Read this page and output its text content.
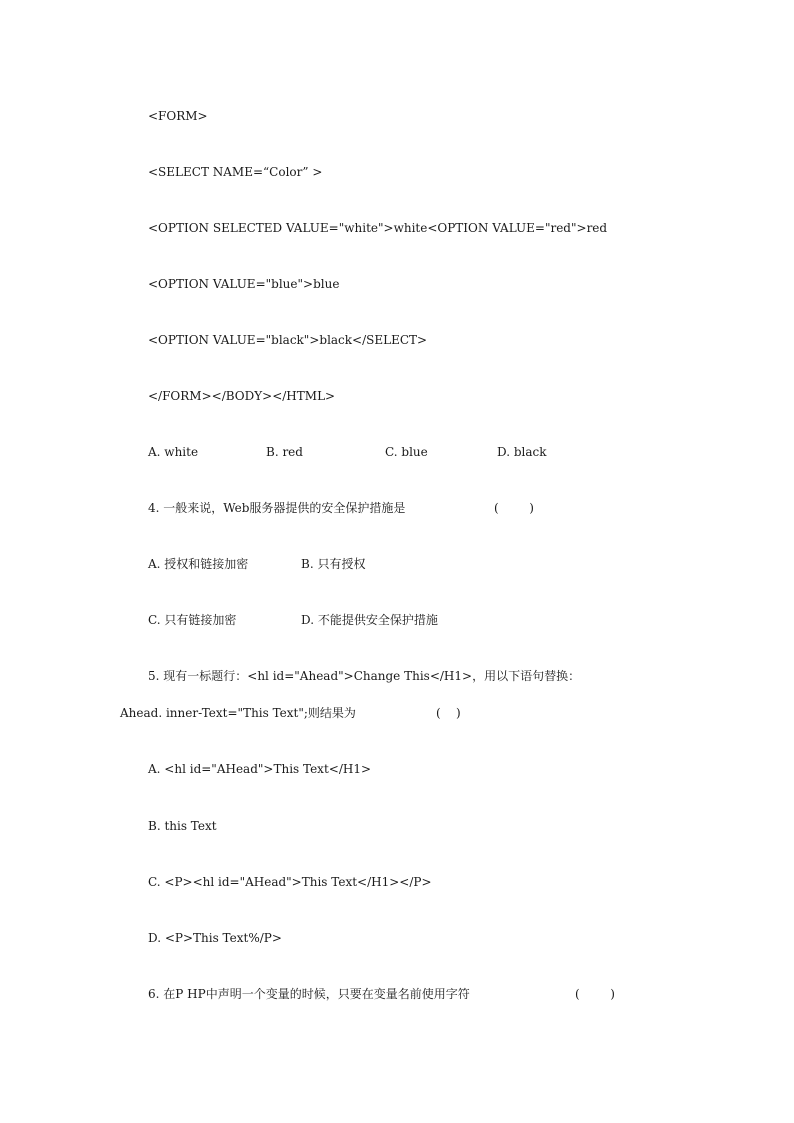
<FORM>
<SELECT NAME=“Color” >
<OPTION SELECTED VALUE="white">white<OPTION VALUE="red">red
<OPTION VALUE="blue">blue
<OPTION VALUE="black">black</SELECT>
</FORM></BODY></HTML>

A. white

	B. red

	C. blue

	D. black

4. 一般来说，Web服务器提供的安全保护措施是	(        )

A. 授权和链接加密

	B. 只有授权

C. 只有链接加密

	D. 不能提供安全保护措施

5. 现有一标题行：<hl id="Ahead">Change This</H1>，用以下语句替换：
Ahead. inner-Text="This Text";则结果为	(    )
A. <hl id="AHead">This Text</H1>
B. this Text
C. <P><hl id="AHead">This Text</H1></P>
D. <P>This Text%/P>
6. 在P HP中声明一个变量的时候，只要在变量名前使用字符	(        )
